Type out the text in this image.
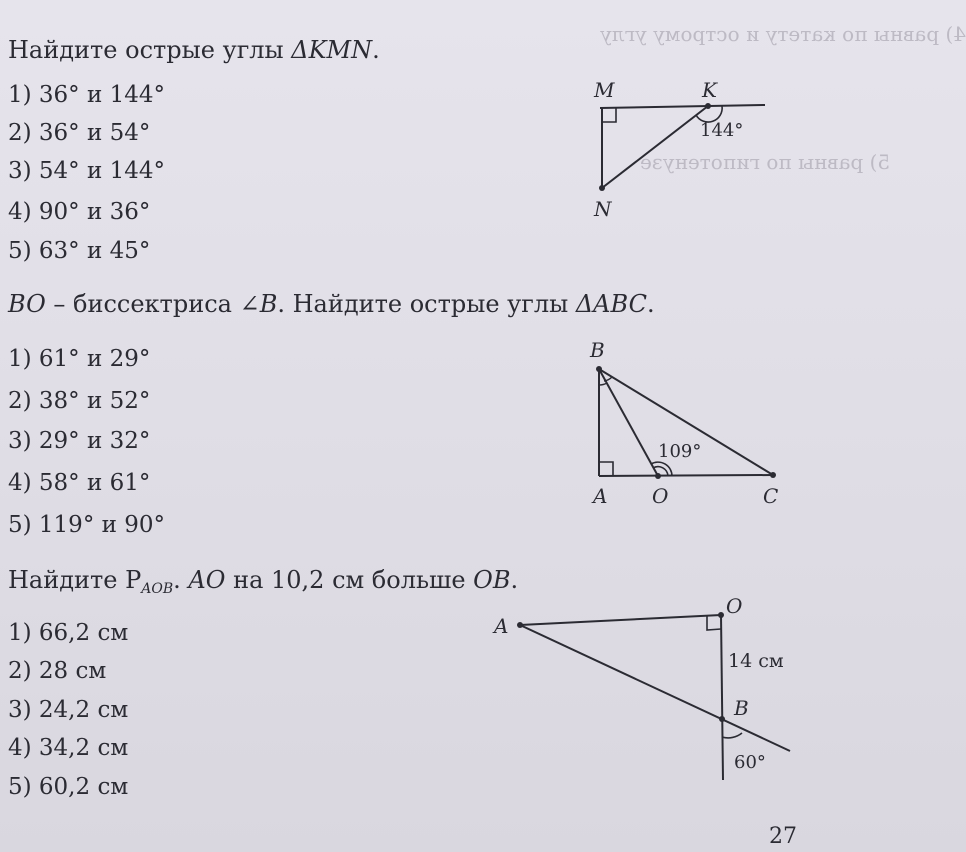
4) равны по катету и острому углу
5) равны по гипотенузе
Найдите острые углы ΔKMN.
1) 36° и 144°
2) 36° и 54°
3) 54° и 144°
4) 90° и 36°
5) 63° и 45°
M	K
N
144°
BO – биссектриса ∠B. Найдите острые углы ΔABC.
1) 61° и 29°
2) 38° и 52°
3) 29° и 32°
4) 58° и 61°
5) 119° и 90°
B
A O	C
109°
Найдите $P_{AOB}$. AO на 10,2 см больше OB.
1) 66,2 см
2) 28 см
3) 24,2 см
4) 34,2 см
5) 60,2 см
A
O
B
14 см
60°
27
